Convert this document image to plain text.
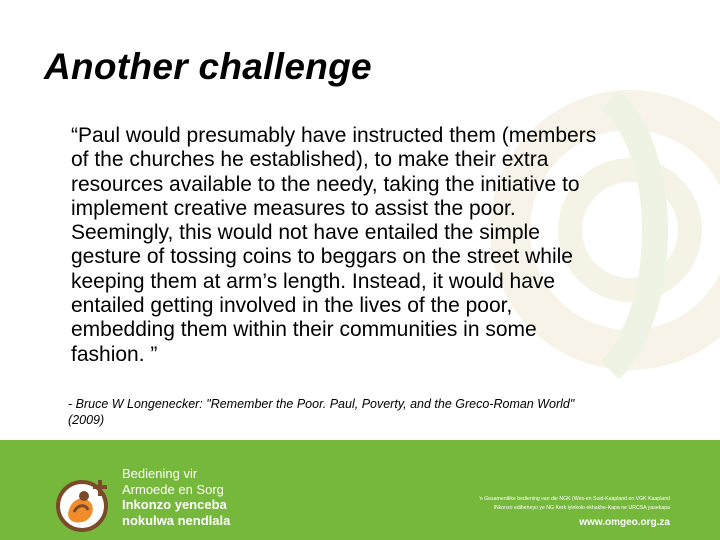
Another challenge
“Paul would presumably have instructed them (members
of the churches he established), to make their extra
resources available to the needy, taking the initiative to
implement creative measures to assist the poor.
Seemingly, this would not have entailed the simple
gesture of tossing coins to beggars on the street while
keeping them at arm’s length. Instead, it would have
entailed getting involved in the lives of the poor,
embedding them within their communities in some
fashion. ”
- Bruce W Longenecker: "Remember the Poor. Paul, Poverty, and the Greco-Roman World"
(2009)
Bediening vir
Armoede en Sorg
Inkonzo yenceba
nokulwa nendlala
'n Gesamentlike bediening van die NGK (Wes-en Suid-Kaapland en VGK Kaapland
INkonzo edibeneyo ye NG Kerk iyinkolo ekhakhe-Kapa ne URCSA yasekapa
www.omgeo.org.za
